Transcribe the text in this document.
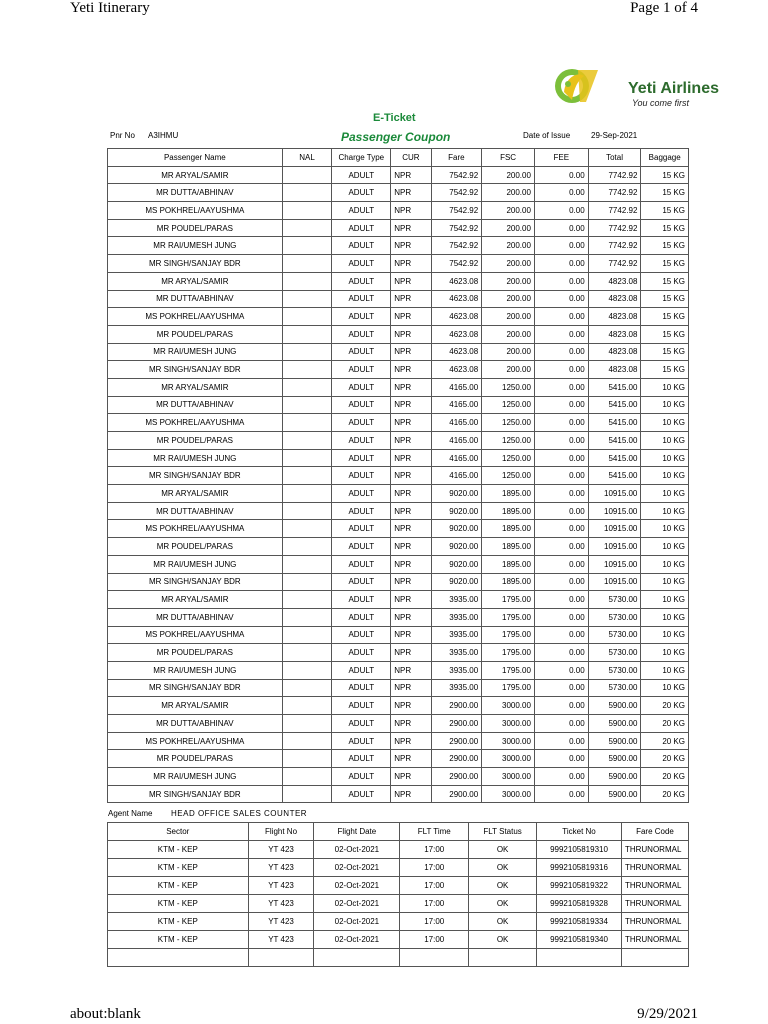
Yeti Itinerary	Page 1 of 4
Yeti Airlines
You come first
E-Ticket
Passenger Coupon
Pnr No A3IHMU	Date of Issue	29-Sep-2021
Passenger Name	NAL	Charge Type	CUR	Fare	FSC	FEE	Total	Baggage
MR ARYAL/SAMIR		ADULT	NPR	7542.92	200.00	0.00	7742.92	15 KG
MR DUTTA/ABHINAV		ADULT	NPR	7542.92	200.00	0.00	7742.92	15 KG
MS POKHREL/AAYUSHMA		ADULT	NPR	7542.92	200.00	0.00	7742.92	15 KG
MR POUDEL/PARAS		ADULT	NPR	7542.92	200.00	0.00	7742.92	15 KG
MR RAI/UMESH JUNG		ADULT	NPR	7542.92	200.00	0.00	7742.92	15 KG
MR SINGH/SANJAY BDR		ADULT	NPR	7542.92	200.00	0.00	7742.92	15 KG
MR ARYAL/SAMIR		ADULT	NPR	4623.08	200.00	0.00	4823.08	15 KG
MR DUTTA/ABHINAV		ADULT	NPR	4623.08	200.00	0.00	4823.08	15 KG
MS POKHREL/AAYUSHMA		ADULT	NPR	4623.08	200.00	0.00	4823.08	15 KG
MR POUDEL/PARAS		ADULT	NPR	4623.08	200.00	0.00	4823.08	15 KG
MR RAI/UMESH JUNG		ADULT	NPR	4623.08	200.00	0.00	4823.08	15 KG
MR SINGH/SANJAY BDR		ADULT	NPR	4623.08	200.00	0.00	4823.08	15 KG
MR ARYAL/SAMIR		ADULT	NPR	4165.00	1250.00	0.00	5415.00	10 KG
MR DUTTA/ABHINAV		ADULT	NPR	4165.00	1250.00	0.00	5415.00	10 KG
MS POKHREL/AAYUSHMA		ADULT	NPR	4165.00	1250.00	0.00	5415.00	10 KG
MR POUDEL/PARAS		ADULT	NPR	4165.00	1250.00	0.00	5415.00	10 KG
MR RAI/UMESH JUNG		ADULT	NPR	4165.00	1250.00	0.00	5415.00	10 KG
MR SINGH/SANJAY BDR		ADULT	NPR	4165.00	1250.00	0.00	5415.00	10 KG
MR ARYAL/SAMIR		ADULT	NPR	9020.00	1895.00	0.00	10915.00	10 KG
MR DUTTA/ABHINAV		ADULT	NPR	9020.00	1895.00	0.00	10915.00	10 KG
MS POKHREL/AAYUSHMA		ADULT	NPR	9020.00	1895.00	0.00	10915.00	10 KG
MR POUDEL/PARAS		ADULT	NPR	9020.00	1895.00	0.00	10915.00	10 KG
MR RAI/UMESH JUNG		ADULT	NPR	9020.00	1895.00	0.00	10915.00	10 KG
MR SINGH/SANJAY BDR		ADULT	NPR	9020.00	1895.00	0.00	10915.00	10 KG
MR ARYAL/SAMIR		ADULT	NPR	3935.00	1795.00	0.00	5730.00	10 KG
MR DUTTA/ABHINAV		ADULT	NPR	3935.00	1795.00	0.00	5730.00	10 KG
MS POKHREL/AAYUSHMA		ADULT	NPR	3935.00	1795.00	0.00	5730.00	10 KG
MR POUDEL/PARAS		ADULT	NPR	3935.00	1795.00	0.00	5730.00	10 KG
MR RAI/UMESH JUNG		ADULT	NPR	3935.00	1795.00	0.00	5730.00	10 KG
MR SINGH/SANJAY BDR		ADULT	NPR	3935.00	1795.00	0.00	5730.00	10 KG
MR ARYAL/SAMIR		ADULT	NPR	2900.00	3000.00	0.00	5900.00	20 KG
MR DUTTA/ABHINAV		ADULT	NPR	2900.00	3000.00	0.00	5900.00	20 KG
MS POKHREL/AAYUSHMA		ADULT	NPR	2900.00	3000.00	0.00	5900.00	20 KG
MR POUDEL/PARAS		ADULT	NPR	2900.00	3000.00	0.00	5900.00	20 KG
MR RAI/UMESH JUNG		ADULT	NPR	2900.00	3000.00	0.00	5900.00	20 KG
MR SINGH/SANJAY BDR		ADULT	NPR	2900.00	3000.00	0.00	5900.00	20 KG
Agent Name HEAD OFFICE SALES COUNTER
Sector	Flight No	Flight Date	FLT Time	FLT Status	Ticket No	Fare Code
KTM - KEP	YT 423	02-Oct-2021	17:00	OK	9992105819310	THRUNORMAL
KTM - KEP	YT 423	02-Oct-2021	17:00	OK	9992105819316	THRUNORMAL
KTM - KEP	YT 423	02-Oct-2021	17:00	OK	9992105819322	THRUNORMAL
KTM - KEP	YT 423	02-Oct-2021	17:00	OK	9992105819328	THRUNORMAL
KTM - KEP	YT 423	02-Oct-2021	17:00	OK	9992105819334	THRUNORMAL
KTM - KEP	YT 423	02-Oct-2021	17:00	OK	9992105819340	THRUNORMAL

about:blank	9/29/2021
